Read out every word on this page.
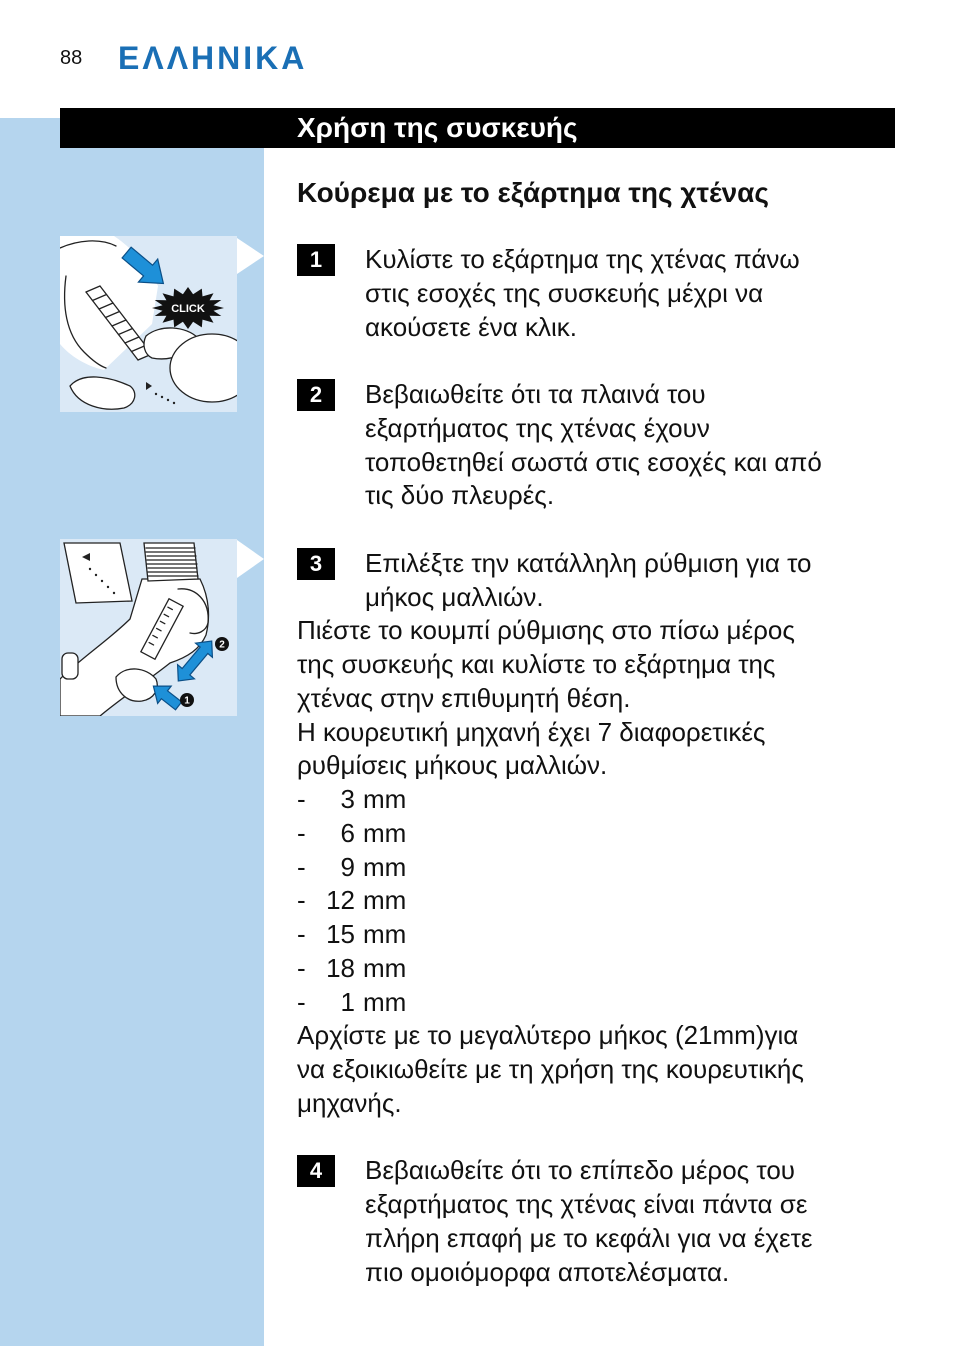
88 ΕΛΛΗΝΙΚΑ
Χρήση της συσκευής
Κούρεμα με το εξάρτημα της χτένας
CLICK
2
1
1	Κυλίστε το εξάρτημα της χτένας πάνω
στις εσοχές της συσκευής μέχρι να
ακούσετε ένα κλικ.
2	Βεβαιωθείτε ότι τα πλαινά του
εξαρτήματος της χτένας έχουν
τοποθετηθεί σωστά στις εσοχές και από
τις δύο πλευρές.
3	Επιλέξτε την κατάλληλη ρύθμιση για το
μήκος μαλλιών.
Πιέστε το κουμπί ρύθμισης στο πίσω μέρος
της συσκευής και κυλίστε το εξάρτημα της
χτένας στην επιθυμητή θέση.
Η κουρευτική μηχανή έχει 7 διαφορετικές
ρυθμίσεις μήκους μαλλιών.
- 3 mm
- 6 mm
- 9 mm
- 12 mm
- 15 mm
- 18 mm
- 1 mm
Αρχίστε με το μεγαλύτερο μήκος (21mm)για
να εξοικιωθείτε με τη χρήση της κουρευτικής
μηχανής.
4	Βεβαιωθείτε ότι το επίπεδο μέρος του
εξαρτήματος της χτένας είναι πάντα σε
πλήρη επαφή με το κεφάλι για να έχετε
πιο ομοιόμορφα αποτελέσματα.
